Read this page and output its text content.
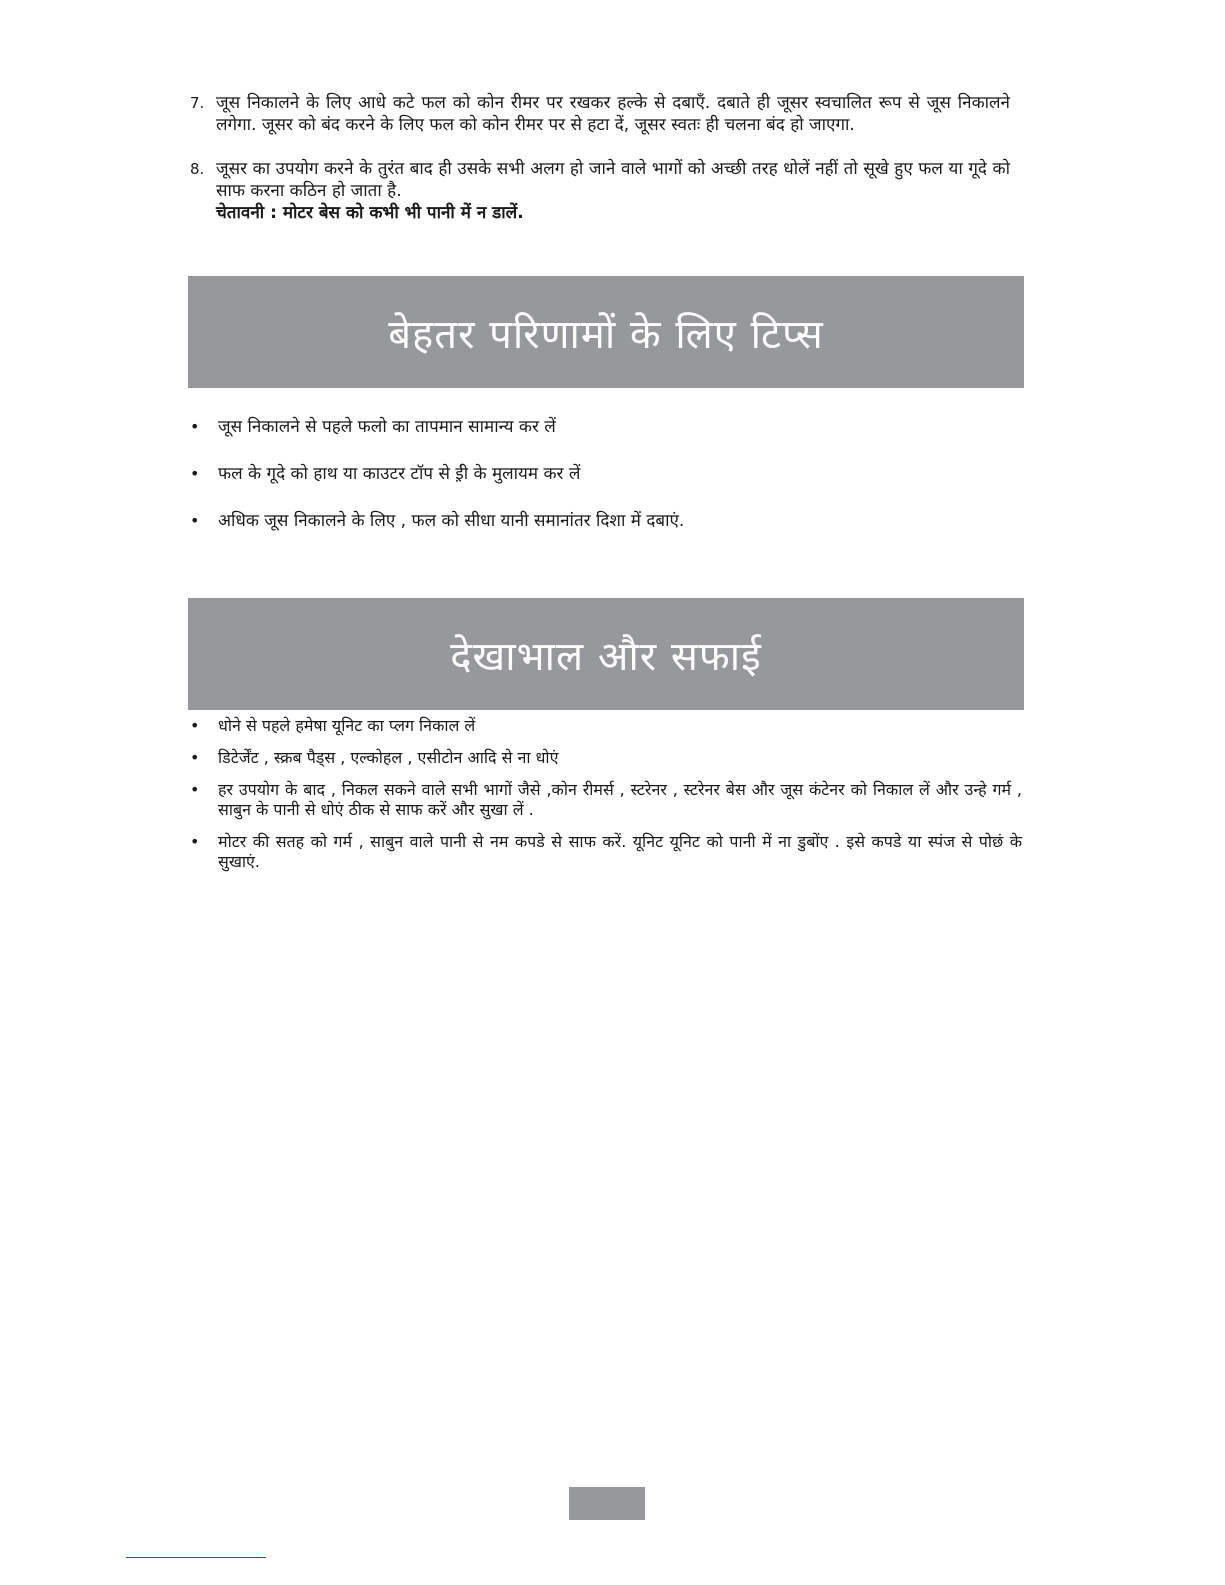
7. जूस निकालने के लिए आधे कटे फल को कोन रीमर पर रखकर हल्के से दबाएँ. दबाते ही जूसर स्वचालित रूप से जूस निकालने लगेगा. जूसर को बंद करने के लिए फल को कोन रीमर पर से हटा दें, जूसर स्वतः ही चलना बंद हो जाएगा.
8. जूसर का उपयोग करने के तुरंत बाद ही उसके सभी अलग हो जाने वाले भागों को अच्छी तरह धोलें नहीं तो सूखे हुए फल या गूदे को साफ करना कठिन हो जाता है.
चेतावनी : मोटर बेस को कभी भी पानी में न डालें.
बेहतर परिणामों के लिए टिप्स
•	जूस निकालने से पहले फलो का तापमान सामान्य कर लें
•	फल के गूदे को हाथ या काउटर टॉप से ई़ी के मुलायम कर लें
•	अधिक जूस निकालने के लिए , फल को सीधा यानी समानांतर दिशा में दबाएं.
देखाभाल और सफाई
•	धोने से पहले हमेषा यूनिट का प्लग निकाल लें
•	डिटेर्जेंट , स्क्रब पैड्स , एल्कोहल , एसीटोन आदि से ना धोएं
•	हर उपयोग के बाद , निकल सकने वाले सभी भागों जैसे ,कोन रीमर्स , स्टरेनर , स्टरेनर बेस और जूस कंटेनर को निकाल लें और उन्हे गर्म , साबुन के पानी से धोएं ठीक से साफ करें और सुखा लें .
•	मोटर की सतह को गर्म , साबुन वाले पानी से नम कपडे से साफ करें. यूनिट यूनिट को पानी में ना डुबोंए . इसे कपडे या स्पंज से पोछं के सुखाएं.
